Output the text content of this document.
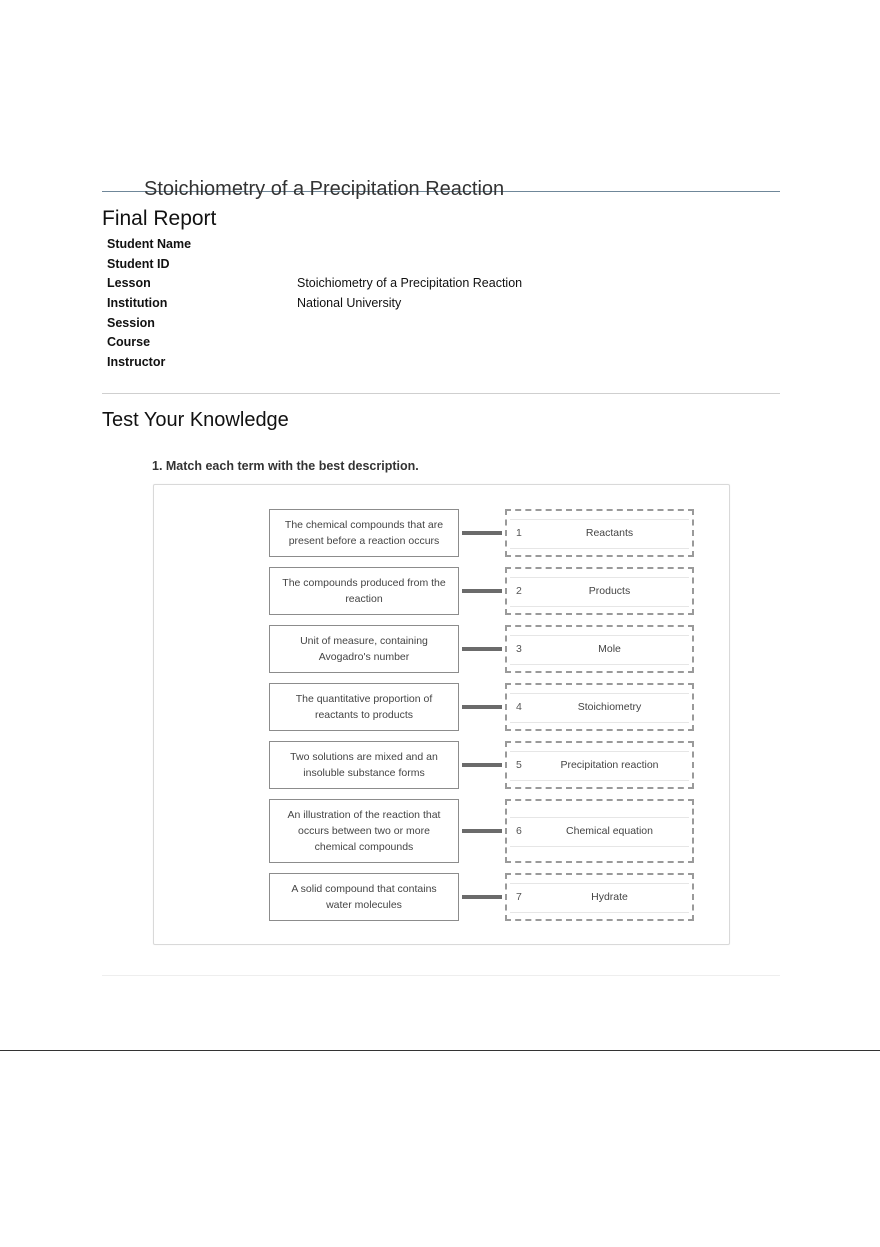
Stoichiometry of a Precipitation Reaction
Final Report
Student Name
Student ID
Lesson	Stoichiometry of a Precipitation Reaction
Institution	National University
Session
Course
Instructor
Test Your Knowledge
1. Match each term with the best description.
The chemical compounds that are present before a reaction occurs
1	Reactants
The compounds produced from the reaction
2	Products
Unit of measure, containing Avogadro's number
3	Mole
The quantitative proportion of reactants to products
4	Stoichiometry
Two solutions are mixed and an insoluble substance forms
5	Precipitation reaction
An illustration of the reaction that occurs between two or more chemical compounds
6	Chemical equation
A solid compound that contains water molecules
7	Hydrate
